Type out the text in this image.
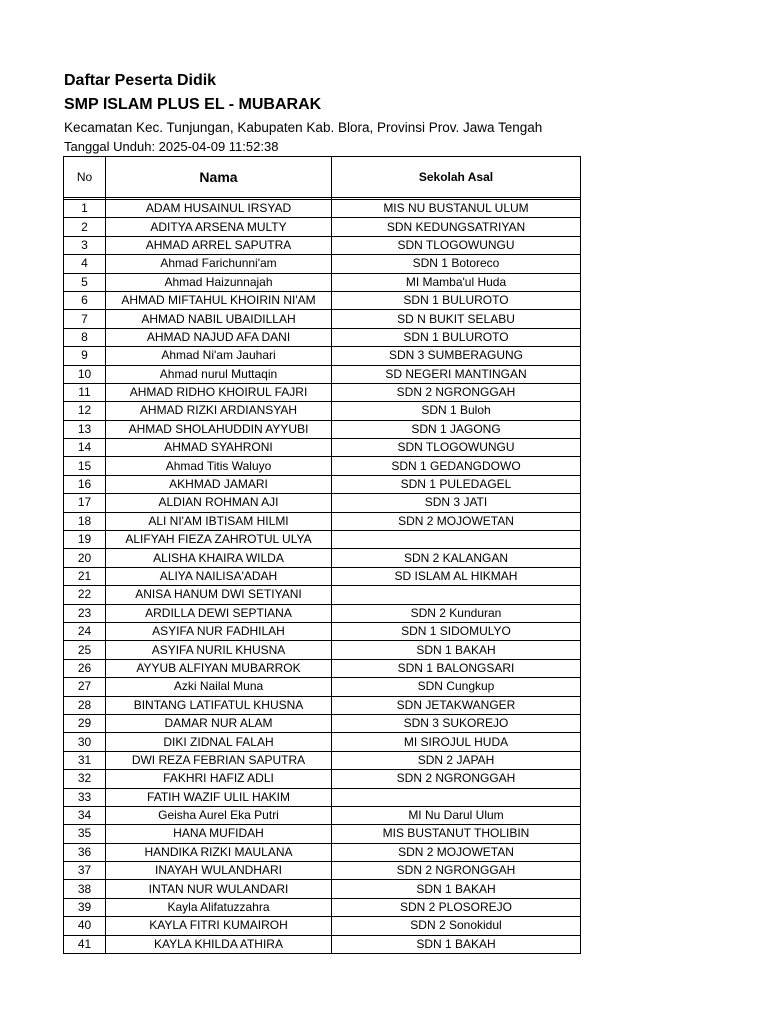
Daftar Peserta Didik
SMP ISLAM PLUS EL - MUBARAK
Kecamatan Kec. Tunjungan, Kabupaten Kab. Blora, Provinsi Prov. Jawa Tengah
Tanggal Unduh: 2025-04-09 11:52:38
No	Nama	Sekolah Asal

1	ADAM HUSAINUL IRSYAD	MIS NU BUSTANUL ULUM
2	ADITYA ARSENA MULTY	SDN KEDUNGSATRIYAN
3	AHMAD ARREL SAPUTRA	SDN TLOGOWUNGU
4	Ahmad Farichunni'am	SDN 1 Botoreco
5	Ahmad Haizunnajah	MI Mamba'ul Huda
6	AHMAD MIFTAHUL KHOIRIN NI'AM	SDN 1 BULUROTO
7	AHMAD NABIL UBAIDILLAH	SD N BUKIT SELABU
8	AHMAD NAJUD AFA DANI	SDN 1 BULUROTO
9	Ahmad Ni'am Jauhari	SDN 3 SUMBERAGUNG
10	Ahmad nurul Muttaqin	SD NEGERI MANTINGAN
11	AHMAD RIDHO KHOIRUL FAJRI	SDN 2 NGRONGGAH
12	AHMAD RIZKI ARDIANSYAH	SDN 1 Buloh
13	AHMAD SHOLAHUDDIN AYYUBI	SDN 1 JAGONG
14	AHMAD SYAHRONI	SDN TLOGOWUNGU
15	Ahmad Titis Waluyo	SDN 1 GEDANGDOWO
16	AKHMAD JAMARI	SDN 1 PULEDAGEL
17	ALDIAN ROHMAN AJI	SDN 3 JATI
18	ALI NI'AM IBTISAM HILMI	SDN 2 MOJOWETAN
19	ALIFYAH FIEZA ZAHROTUL ULYA	
20	ALISHA KHAIRA WILDA	SDN 2 KALANGAN
21	ALIYA NAILISA'ADAH	SD ISLAM AL HIKMAH
22	ANISA HANUM DWI SETIYANI	
23	ARDILLA DEWI SEPTIANA	SDN 2 Kunduran
24	ASYIFA NUR FADHILAH	SDN 1 SIDOMULYO
25	ASYIFA NURIL KHUSNA	SDN 1 BAKAH
26	AYYUB ALFIYAN MUBARROK	SDN 1 BALONGSARI
27	Azki Nailal Muna	SDN Cungkup
28	BINTANG LATIFATUL KHUSNA	SDN JETAKWANGER
29	DAMAR NUR ALAM	SDN 3 SUKOREJO
30	DIKI ZIDNAL FALAH	MI SIROJUL HUDA
31	DWI REZA FEBRIAN SAPUTRA	SDN 2 JAPAH
32	FAKHRI HAFIZ ADLI	SDN 2 NGRONGGAH
33	FATIH WAZIF ULIL HAKIM	
34	Geisha Aurel Eka Putri	MI Nu Darul Ulum
35	HANA MUFIDAH	MIS BUSTANUT THOLIBIN
36	HANDIKA RIZKI MAULANA	SDN 2 MOJOWETAN
37	INAYAH WULANDHARI	SDN 2 NGRONGGAH
38	INTAN NUR WULANDARI	SDN 1 BAKAH
39	Kayla Alifatuzzahra	SDN 2 PLOSOREJO
40	KAYLA FITRI KUMAIROH	SDN 2 Sonokidul
41	KAYLA KHILDA ATHIRA	SDN 1 BAKAH
